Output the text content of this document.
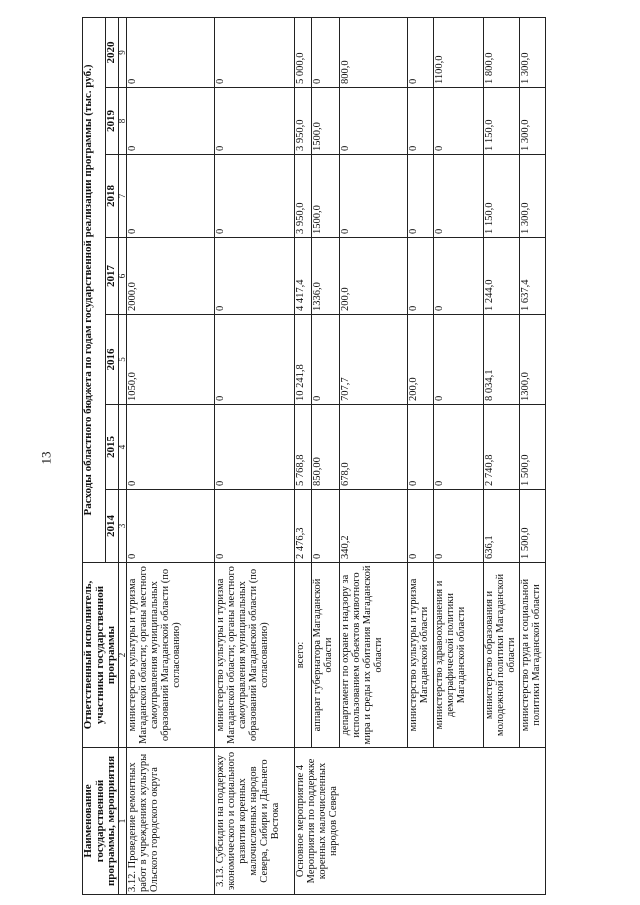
13
Наименование государственной программы, мероприятия	Ответственный исполнитель, участники государственной программы	Расходы областного бюджета по годам государственной реализации программы (тыс. руб.)						
		2014	2015	2016	2017	2018	2019	2020
1	2	3	4	5	6	7	8	9
3.12. Проведение ремонтных работ в учреждениях культуры Ольского городского округа	министерство культуры и туризма Магаданской области; органы местного самоуправления муниципальных образований Магаданской области (по согласованию)	0	0	1050,0	2000,0	0	0	0
3.13. Субсидии на поддержку экономического и социального развития коренных малочисленных народов Севера, Сибири и Дальнего Востока	министерство культуры и туризма Магаданской области; органы местного самоуправления муниципальных образований Магаданской области (по согласованию)	0	0	0	0	0	0	0
Основное мероприятие 4 Мероприятия по поддержке коренных малочисленных народов Севера	всего:	2 476,3	5 768,8	10 241,8	4 417,4	3 950,0	3 950,0	5 000,0
	аппарат губернатора Магаданской области	0	850,00	0	1336,0	1500,0	1500,0	0
	департамент по охране и надзору за использованием объектов животного мира и среды их обитания Магаданской области	340,2	678,0	707,7	200,0	0	0	800,0
	министерство культуры и туризма Магаданской области	0	0	200,0	0	0	0	0
	министерство здравоохранения и демографической политики Магаданской области	0	0	0	0	0	0	1100,0
	министерство образования и молодежной политики Магаданской области	636,1	2 740,8	8 034,1	1 244,0	1 150,0	1 150,0	1 800,0
	министерство труда и социальной политики Магаданской области	1 500,0	1 500,0	1300,0	1 637,4	1 300,0	1 300,0	1 300,0
